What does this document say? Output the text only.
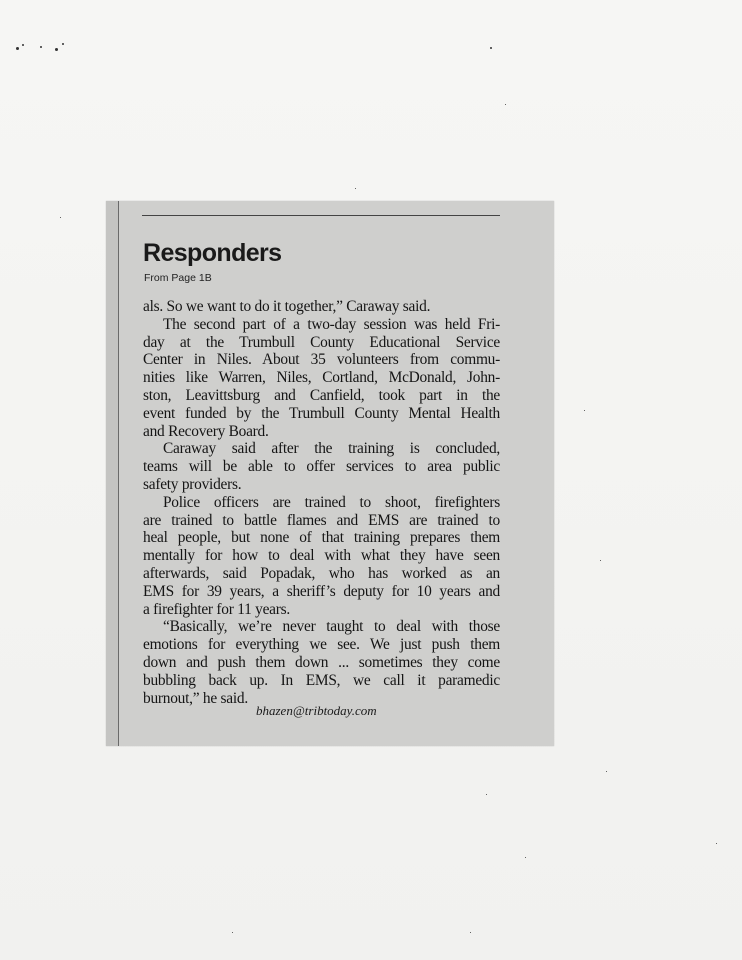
Responders
From Page 1B
als. So we want to do it together,” Caraway said.
The second part of a two-day session was held Fri-
day at the Trumbull County Educational Service
Center in Niles. About 35 volunteers from commu-
nities like Warren, Niles, Cortland, McDonald, John-
ston, Leavittsburg and Canfield, took part in the
event funded by the Trumbull County Mental Health
and Recovery Board.
Caraway said after the training is concluded,
teams will be able to offer services to area public
safety providers.
Police officers are trained to shoot, firefighters
are trained to battle flames and EMS are trained to
heal people, but none of that training prepares them
mentally for how to deal with what they have seen
afterwards, said Popadak, who has worked as an
EMS for 39 years, a sheriff’s deputy for 10 years and
a firefighter for 11 years.
“Basically, we’re never taught to deal with those
emotions for everything we see. We just push them
down and push them down ... sometimes they come
bubbling back up. In EMS, we call it paramedic
burnout,” he said.
bhazen@tribtoday.com
